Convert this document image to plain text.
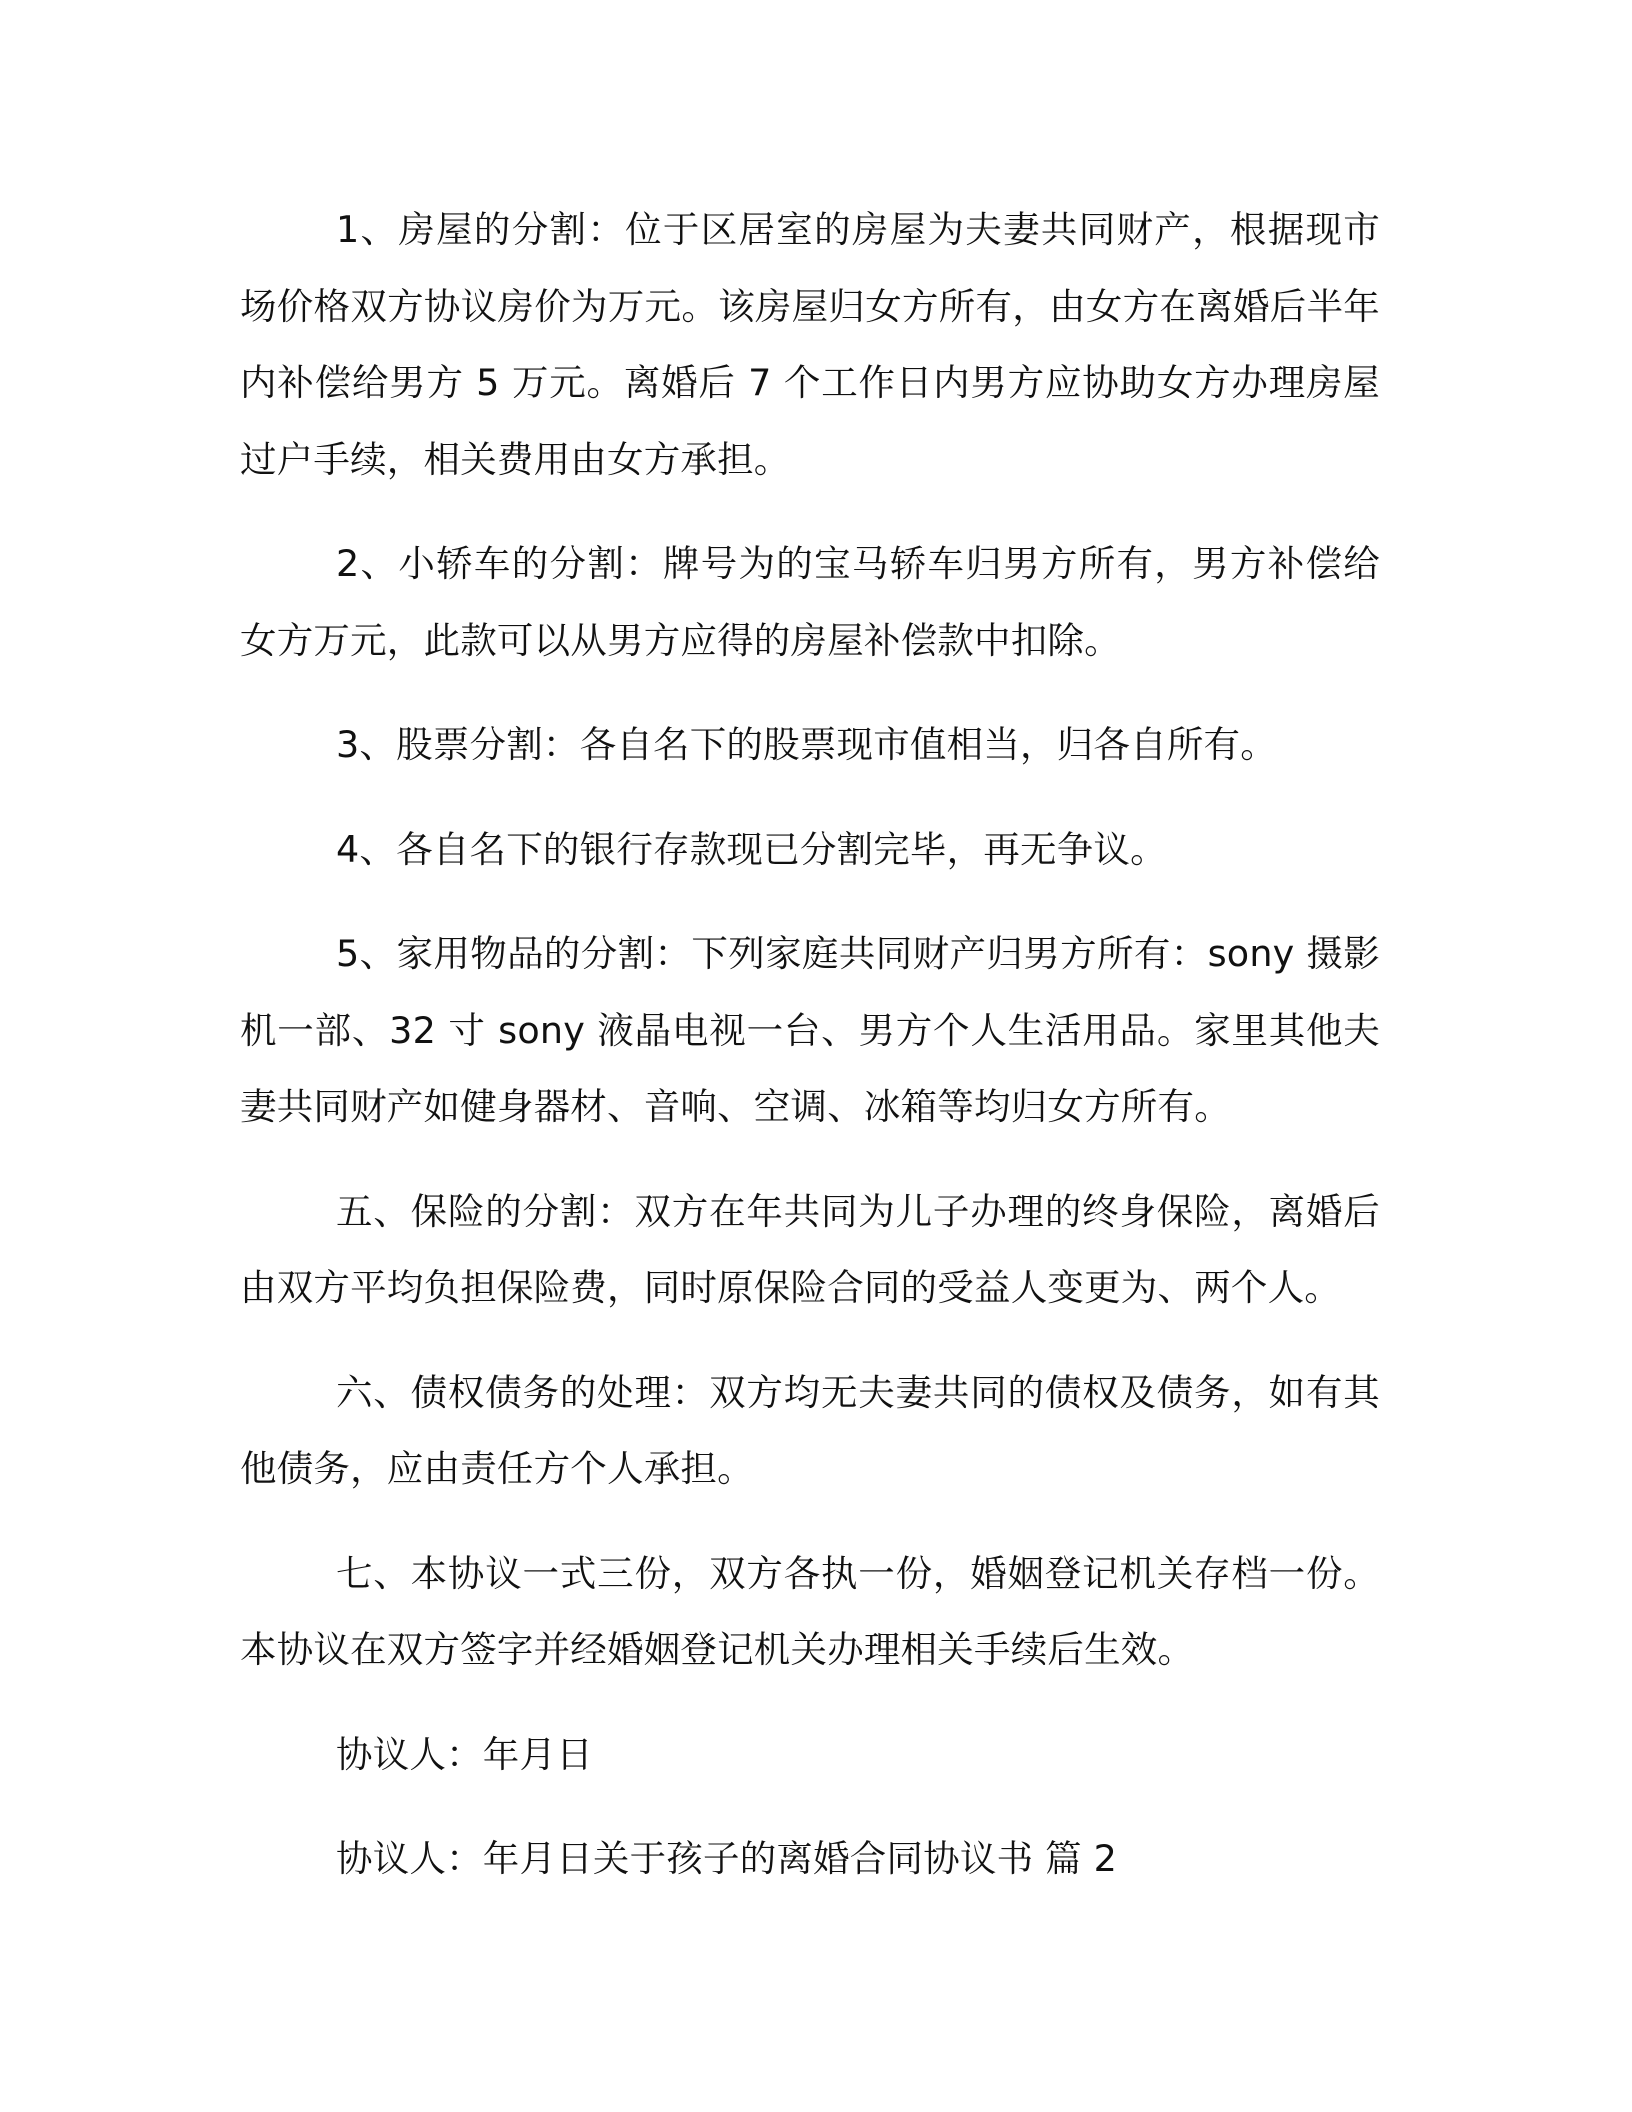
1、房屋的分割：位于区居室的房屋为夫妻共同财产，根据现市场价格双方协议房价为万元。该房屋归女方所有，由女方在离婚后半年内补偿给男方 5 万元。离婚后 7 个工作日内男方应协助女方办理房屋过户手续，相关费用由女方承担。

2、小轿车的分割：牌号为的宝马轿车归男方所有，男方补偿给女方万元，此款可以从男方应得的房屋补偿款中扣除。

3、股票分割：各自名下的股票现市值相当，归各自所有。

4、各自名下的银行存款现已分割完毕，再无争议。

5、家用物品的分割：下列家庭共同财产归男方所有：sony 摄影机一部、32 寸 sony 液晶电视一台、男方个人生活用品。家里其他夫妻共同财产如健身器材、音响、空调、冰箱等均归女方所有。

五、保险的分割：双方在年共同为儿子办理的终身保险，离婚后由双方平均负担保险费，同时原保险合同的受益人变更为、两个人。

六、债权债务的处理：双方均无夫妻共同的债权及债务，如有其他债务，应由责任方个人承担。

七、本协议一式三份，双方各执一份，婚姻登记机关存档一份。本协议在双方签字并经婚姻登记机关办理相关手续后生效。

协议人：年月日

协议人：年月日关于孩子的离婚合同协议书 篇 2
